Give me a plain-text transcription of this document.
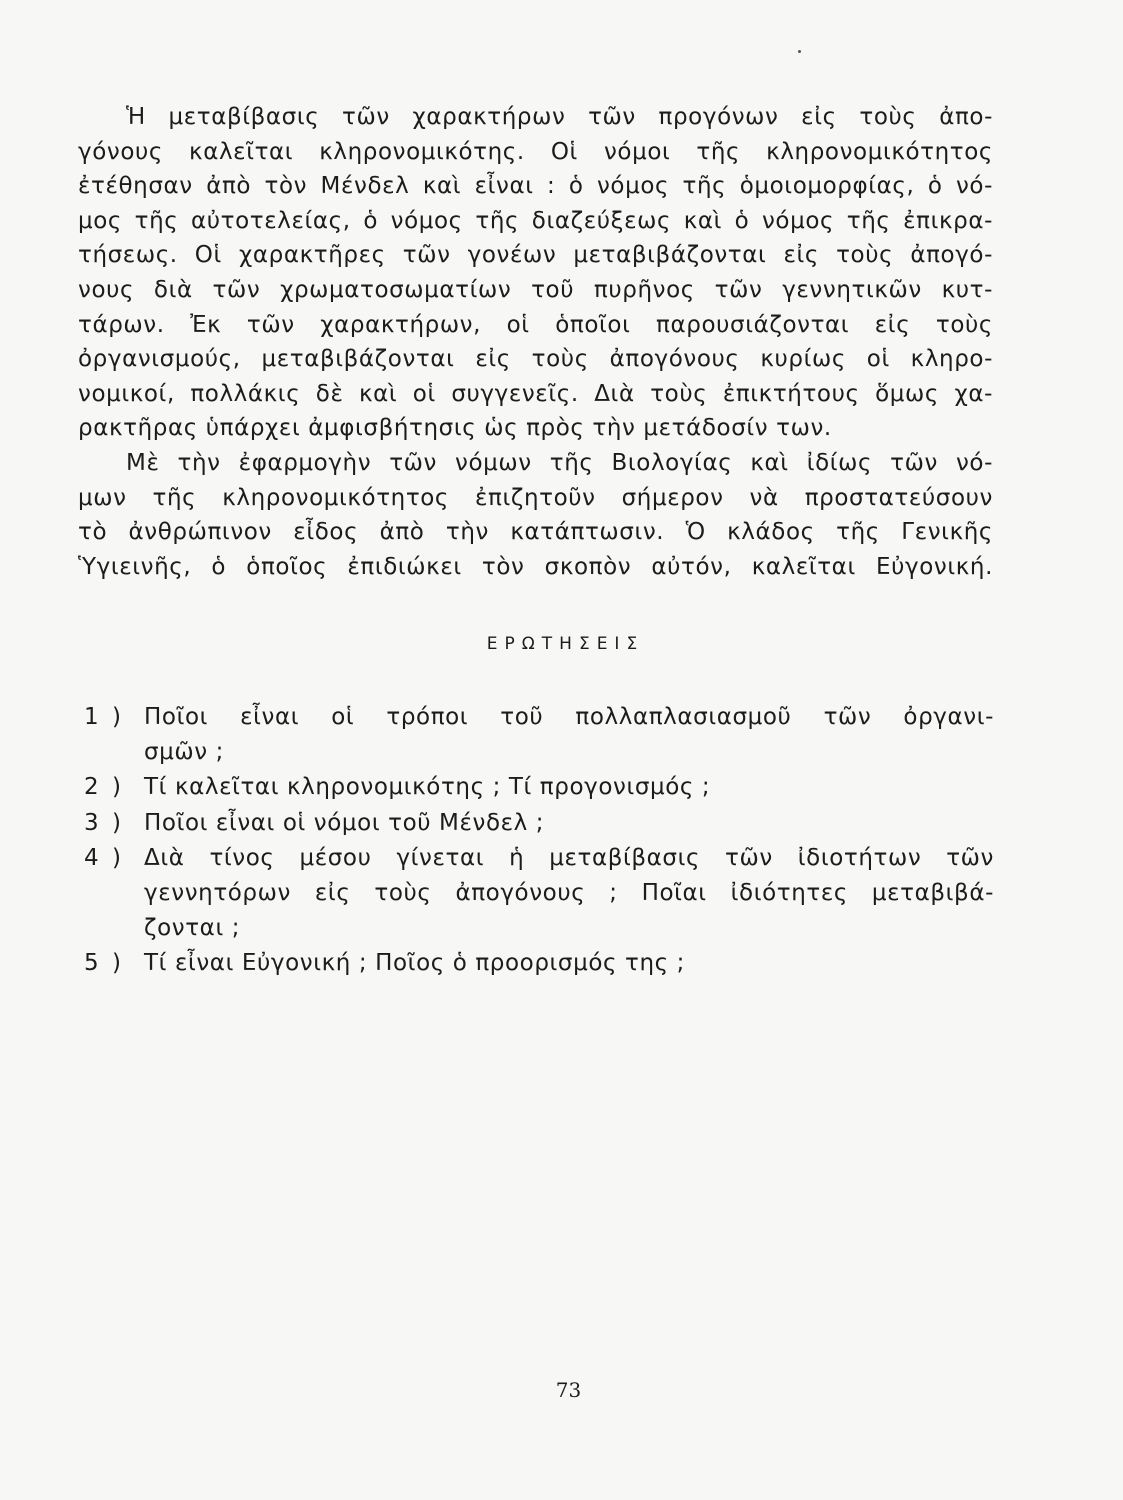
Ἡ μεταβίβασις τῶν χαρακτήρων τῶν προγόνων εἰς τοὺς ἀπο-
γόνους καλεῖται κληρονομικότης. Οἱ νόμοι τῆς κληρονομικότητος
ἐτέθησαν ἀπὸ τὸν Μένδελ καὶ εἶναι : ὁ νόμος τῆς ὁμοιομορφίας, ὁ νό-
μος τῆς αὐτοτελείας, ὁ νόμος τῆς διαζεύξεως καὶ ὁ νόμος τῆς ἐπικρα-
τήσεως. Οἱ χαρακτῆρες τῶν γονέων μεταβιβάζονται εἰς τοὺς ἀπογό-
νους διὰ τῶν χρωματοσωματίων τοῦ πυρῆνος τῶν γεννητικῶν κυτ-
τάρων. Ἐκ τῶν χαρακτήρων, οἱ ὁποῖοι παρουσιάζονται εἰς τοὺς
ὀργανισμούς, μεταβιβάζονται εἰς τοὺς ἀπογόνους κυρίως οἱ κληρο-
νομικοί, πολλάκις δὲ καὶ οἱ συγγενεῖς. Διὰ τοὺς ἐπικτήτους ὅμως χα-
ρακτῆρας ὑπάρχει ἀμφισβήτησις ὡς πρὸς τὴν μετάδοσίν των.

Μὲ τὴν ἐφαρμογὴν τῶν νόμων τῆς Βιολογίας καὶ ἰδίως τῶν νό-
μων τῆς κληρονομικότητος ἐπιζητοῦν σήμερον νὰ προστατεύσουν
τὸ ἀνθρώπινον εἶδος ἀπὸ τὴν κατάπτωσιν. Ὁ κλάδος τῆς Γενικῆς
Ὑγιεινῆς, ὁ ὁποῖος ἐπιδιώκει τὸν σκοπὸν αὐτόν, καλεῖται Εὐγονική.

ΕΡΩΤΗΣΕΙΣ
1 ) Ποῖοι εἶναι οἱ τρόποι τοῦ πολλαπλασιασμοῦ τῶν ὀργανι-
σμῶν ;
2 ) Τί καλεῖται κληρονομικότης ; Τί προγονισμός ;
3 ) Ποῖοι εἶναι οἱ νόμοι τοῦ Μένδελ ;
4 ) Διὰ τίνος μέσου γίνεται ἡ μεταβίβασις τῶν ἰδιοτήτων τῶν
γεννητόρων εἰς τοὺς ἀπογόνους ; Ποῖαι ἰδιότητες μεταβιβά-
ζονται ;
5 ) Τί εἶναι Εὐγονική ; Ποῖος ὁ προορισμός της ;
73
